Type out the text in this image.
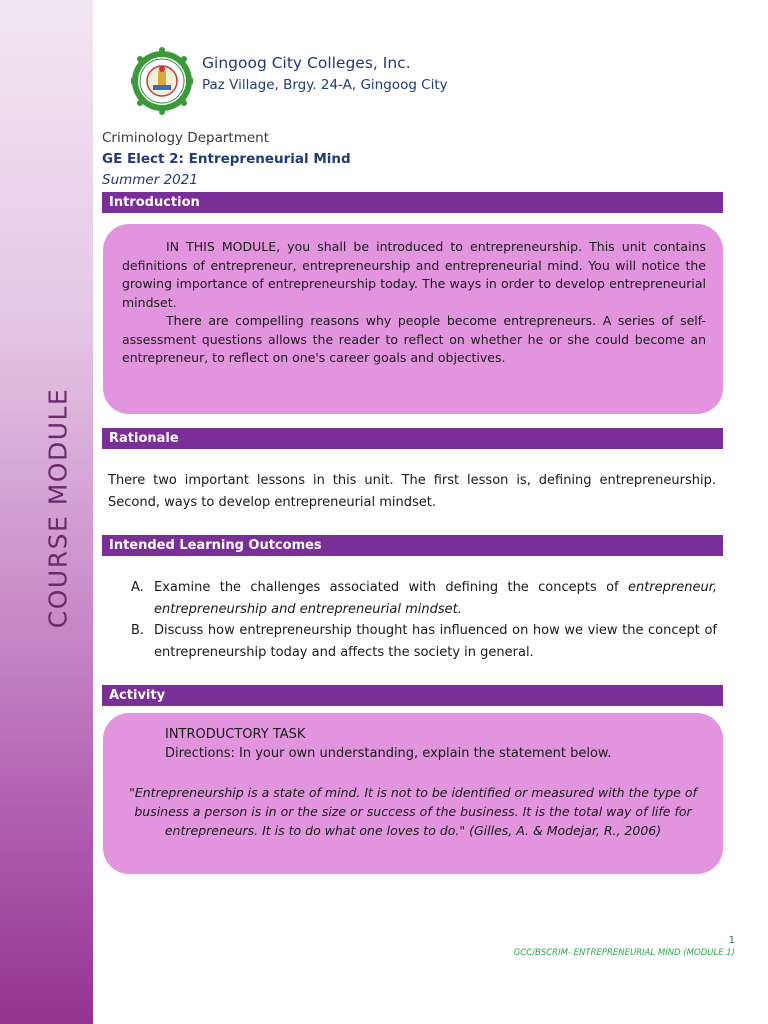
COURSE MODULE
Gingoog City Colleges, Inc.
Paz Village, Brgy. 24-A, Gingoog City
Criminology Department
GE Elect 2: Entrepreneurial Mind
Summer 2021
Introduction

IN THIS MODULE, you shall be introduced to entrepreneurship. This unit contains definitions of entrepreneur, entrepreneurship and entrepreneurial mind. You will notice the growing importance of entrepreneurship today. The ways in order to develop entrepreneurial mindset.

There are compelling reasons why people become entrepreneurs. A series of self-assessment questions allows the reader to reflect on whether he or she could become an entrepreneur, to reflect on one's career goals and objectives.

Rationale

There two important lessons in this unit. The first lesson is, defining entrepreneurship. Second, ways to develop entrepreneurial mindset.

Intended Learning Outcomes
A. Examine the challenges associated with defining the concepts of entrepreneur, entrepreneurship and entrepreneurial mindset.
B. Discuss how entrepreneurship thought has influenced on how we view the concept of entrepreneurship today and affects the society in general.
Activity
INTRODUCTORY TASK
Directions: In your own understanding, explain the statement below.

"Entrepreneurship is a state of mind. It is not to be identified or measured with the type of business a person is in or the size or success of the business. It is the total way of life for entrepreneurs. It is to do what one loves to do." (Gilles, A. & Modejar, R., 2006)

1
GCC/BSCRIM- ENTREPRENEURIAL MIND (MODULE 1)
